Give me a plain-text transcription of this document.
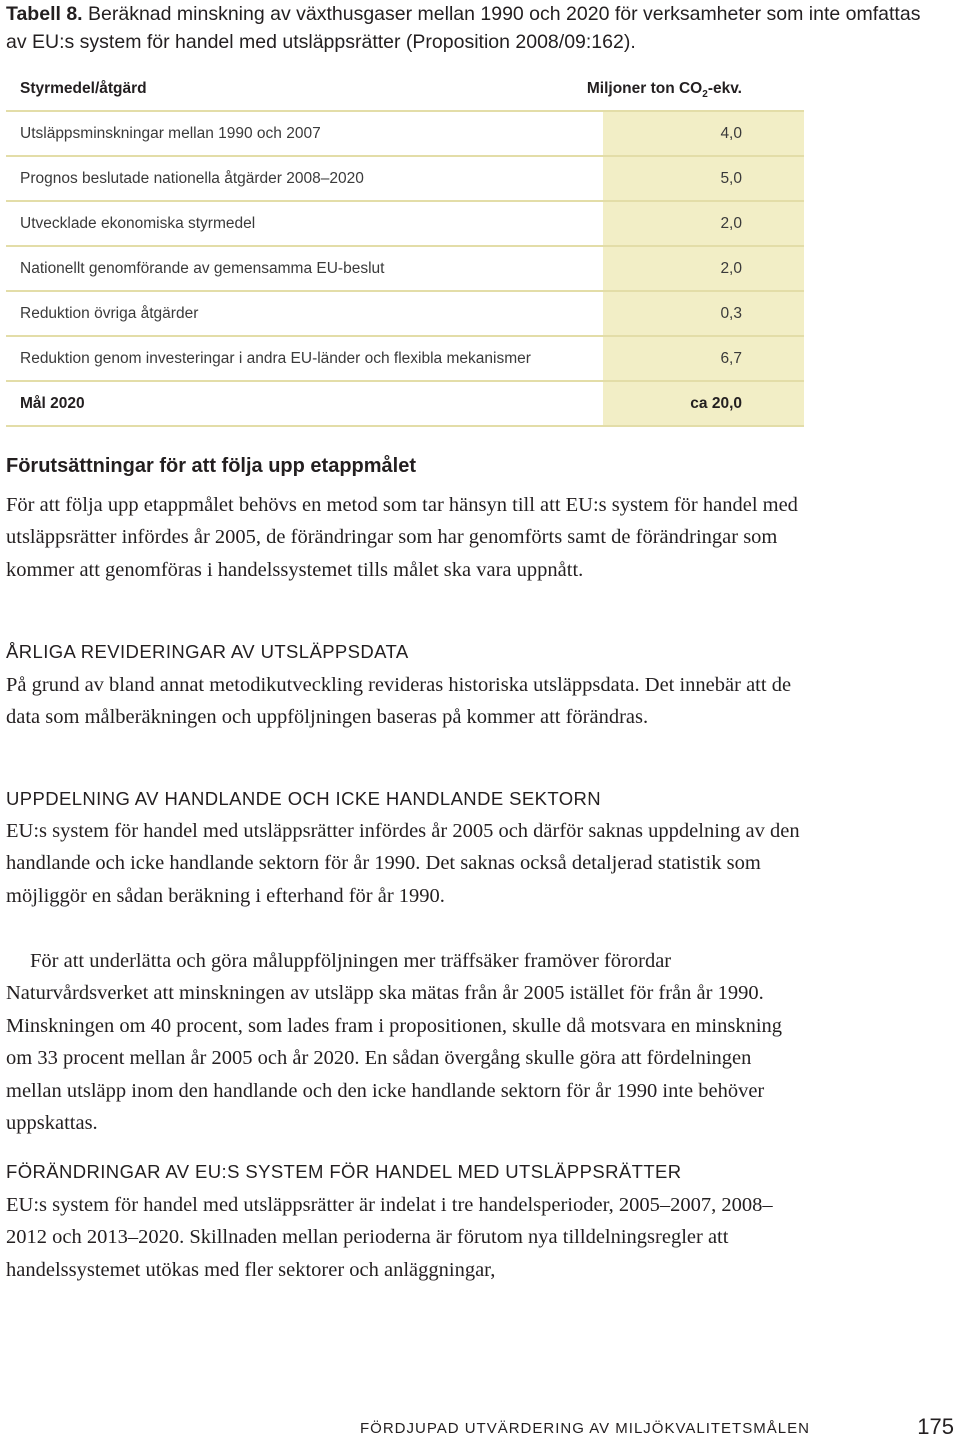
Tabell 8. Beräknad minskning av växthusgaser mellan 1990 och 2020 för verksamheter som inte omfattas av EU:s system för handel med utsläppsrätter (Proposition 2008/09:162).
Styrmedel/åtgärd	Miljoner ton $CO_2$-ekv.
Utsläppsminskningar mellan 1990 och 2007	4,0
Prognos beslutade nationella åtgärder 2008–2020	5,0
Utvecklade ekonomiska styrmedel	2,0
Nationellt genomförande av gemensamma EU-beslut	2,0
Reduktion övriga åtgärder	0,3
Reduktion genom investeringar i andra EU-länder och flexibla mekanismer	6,7
Mål 2020	ca 20,0
Förutsättningar för att följa upp etappmålet

För att följa upp etappmålet behövs en metod som tar hänsyn till att EU:s system för handel med utsläppsrätter infördes år 2005, de förändringar som har genomförts samt de förändringar som kommer att genomföras i handelssystemet tills målet ska vara uppnått.

ÅRLIGA REVIDERINGAR AV UTSLÄPPSDATA

På grund av bland annat metodikutveckling revideras historiska utsläppsdata. Det innebär att de data som målberäkningen och uppföljningen baseras på kommer att förändras.

UPPDELNING AV HANDLANDE OCH ICKE HANDLANDE SEKTORN

EU:s system för handel med utsläppsrätter infördes år 2005 och därför saknas uppdelning av den handlande och icke handlande sektorn för år 1990. Det saknas också detaljerad statistik som möjliggör en sådan beräkning i efterhand för år 1990.

För att underlätta och göra måluppföljningen mer träffsäker framöver förordar Naturvårdsverket att minskningen av utsläpp ska mätas från år 2005 istället för från år 1990. Minskningen om 40 procent, som lades fram i propositionen, skulle då motsvara en minskning om 33 procent mellan år 2005 och år 2020. En sådan övergång skulle göra att fördelningen mellan utsläpp inom den handlande och den icke handlande sektorn för år 1990 inte behöver uppskattas.

FÖRÄNDRINGAR AV EU:S SYSTEM FÖR HANDEL MED UTSLÄPPSRÄTTER

EU:s system för handel med utsläppsrätter är indelat i tre handelsperioder, 2005–2007, 2008–2012 och 2013–2020. Skillnaden mellan perioderna är förutom nya tilldelningsregler att handelssystemet utökas med fler sektorer och anläggningar,

FÖRDJUPAD UTVÄRDERING AV MILJÖKVALITETSMÅLEN	175
